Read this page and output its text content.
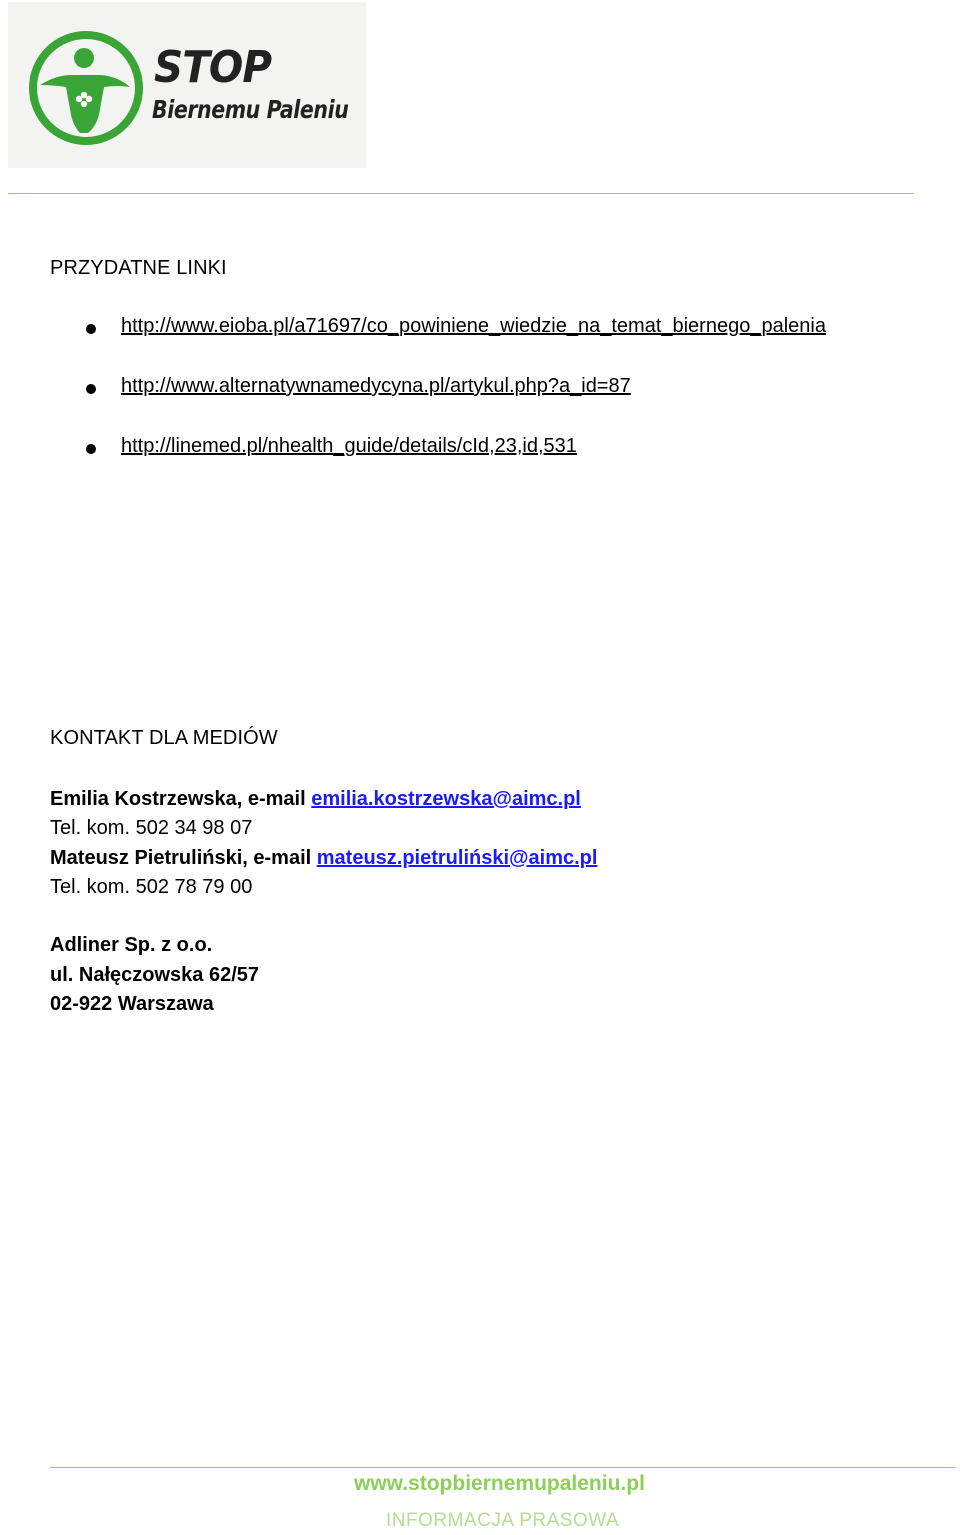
STOP
Biernemu Paleniu
PRZYDATNE LINKI
http://www.eioba.pl/a71697/co_powiniene_wiedzie_na_temat_biernego_palenia
http://www.alternatywnamedycyna.pl/artykul.php?a_id=87
http://linemed.pl/nhealth_guide/details/cId,23,id,531
KONTAKT DLA MEDIÓW
Emilia Kostrzewska, e-mail emilia.kostrzewska@aimc.pl
Tel. kom. 502 34 98 07
Mateusz Pietruliński, e-mail mateusz.pietruliński@aimc.pl
Tel. kom. 502 78 79 00
Adliner Sp. z o.o.
ul. Nałęczowska 62/57
02-922 Warszawa
www.stopbiernemupaleniu.pl
INFORMACJA PRASOWA
